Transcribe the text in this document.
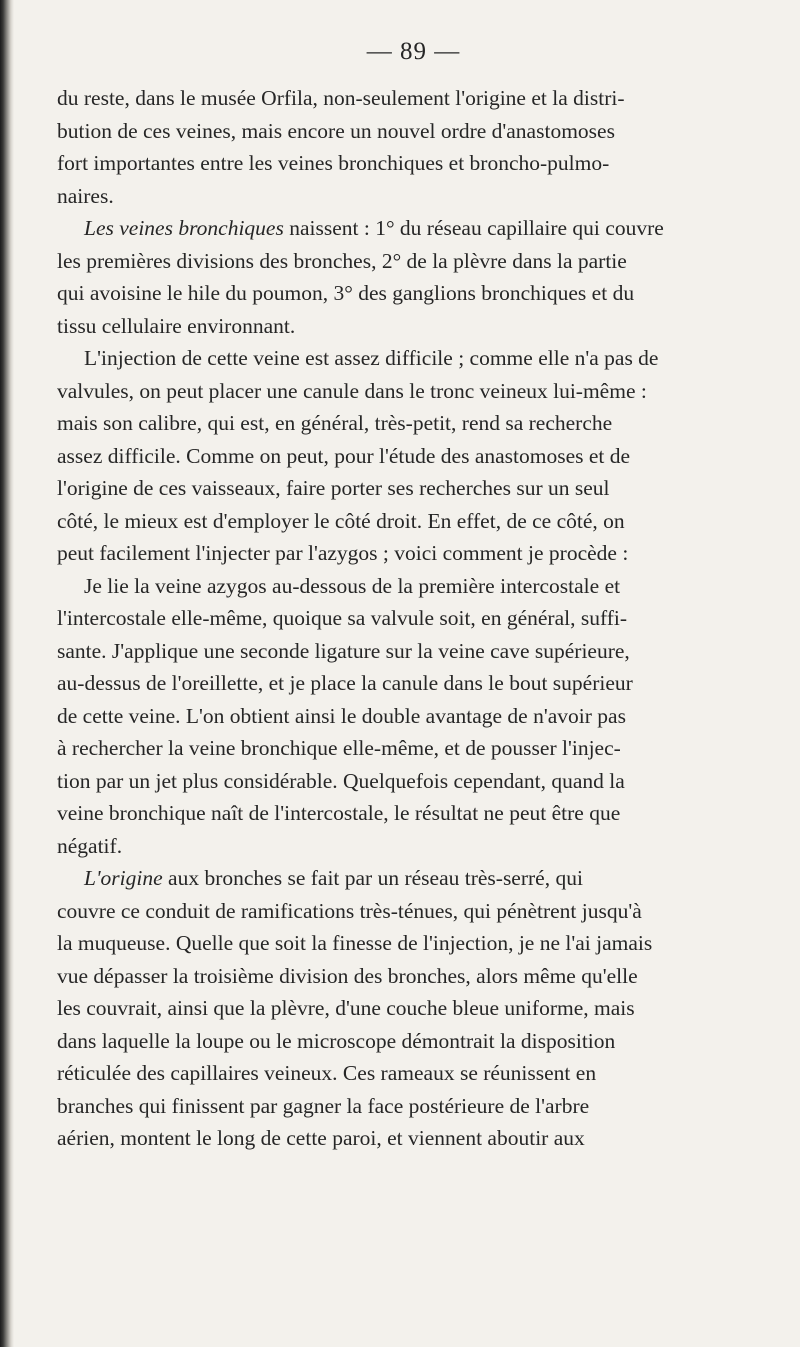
— 89 —
du reste, dans le musée Orfila, non-seulement l'origine et la distri-
bution de ces veines, mais encore un nouvel ordre d'anastomoses
fort importantes entre les veines bronchiques et broncho-pulmo-
naires.
Les veines bronchiques naissent : 1° du réseau capillaire qui couvre
les premières divisions des bronches, 2° de la plèvre dans la partie
qui avoisine le hile du poumon, 3° des ganglions bronchiques et du
tissu cellulaire environnant.
L'injection de cette veine est assez difficile ; comme elle n'a pas de
valvules, on peut placer une canule dans le tronc veineux lui-même :
mais son calibre, qui est, en général, très-petit, rend sa recherche
assez difficile. Comme on peut, pour l'étude des anastomoses et de
l'origine de ces vaisseaux, faire porter ses recherches sur un seul
côté, le mieux est d'employer le côté droit. En effet, de ce côté, on
peut facilement l'injecter par l'azygos ; voici comment je procède :
Je lie la veine azygos au-dessous de la première intercostale et
l'intercostale elle-même, quoique sa valvule soit, en général, suffi-
sante. J'applique une seconde ligature sur la veine cave supérieure,
au-dessus de l'oreillette, et je place la canule dans le bout supérieur
de cette veine. L'on obtient ainsi le double avantage de n'avoir pas
à rechercher la veine bronchique elle-même, et de pousser l'injec-
tion par un jet plus considérable. Quelquefois cependant, quand la
veine bronchique naît de l'intercostale, le résultat ne peut être que
négatif.
L'origine aux bronches se fait par un réseau très-serré, qui
couvre ce conduit de ramifications très-ténues, qui pénètrent jusqu'à
la muqueuse. Quelle que soit la finesse de l'injection, je ne l'ai jamais
vue dépasser la troisième division des bronches, alors même qu'elle
les couvrait, ainsi que la plèvre, d'une couche bleue uniforme, mais
dans laquelle la loupe ou le microscope démontrait la disposition
réticulée des capillaires veineux. Ces rameaux se réunissent en
branches qui finissent par gagner la face postérieure de l'arbre
aérien, montent le long de cette paroi, et viennent aboutir aux
